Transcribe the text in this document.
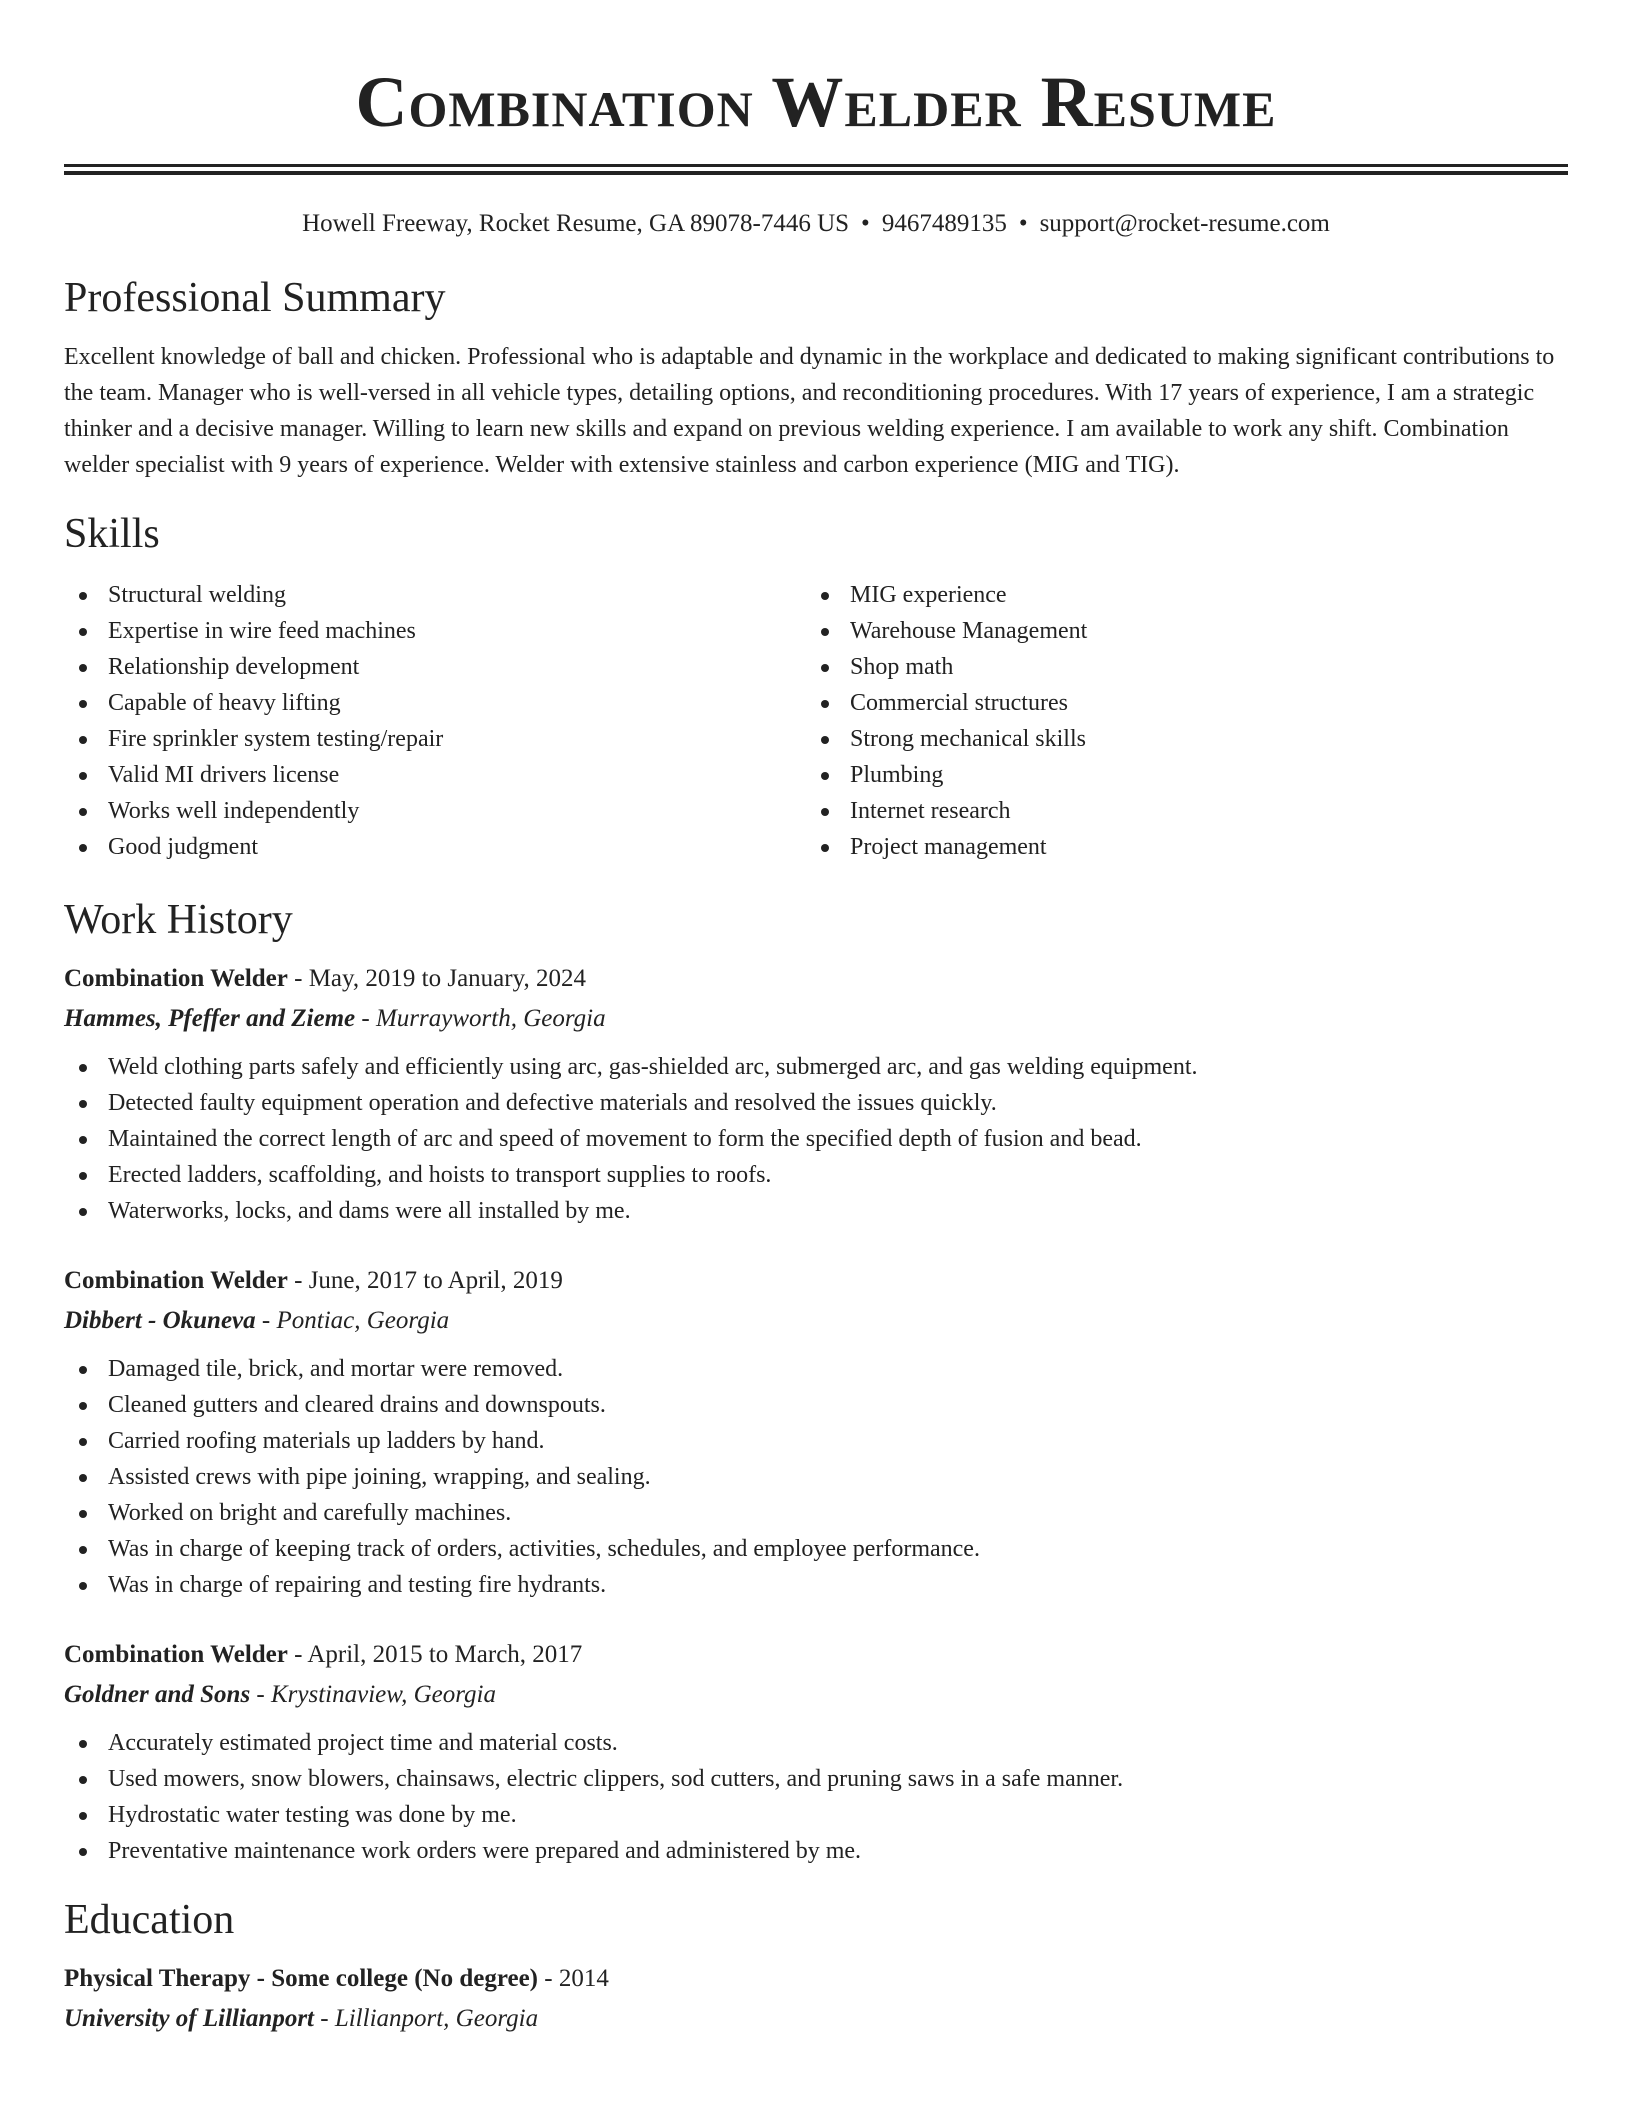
Combination Welder Resume
Howell Freeway, Rocket Resume, GA 89078-7446 US • 9467489135 • support@rocket-resume.com
Professional Summary

Excellent knowledge of ball and chicken. Professional who is adaptable and dynamic in the workplace and dedicated to making significant contributions to the team. Manager who is well-versed in all vehicle types, detailing options, and reconditioning procedures. With 17 years of experience, I am a strategic thinker and a decisive manager. Willing to learn new skills and expand on previous welding experience. I am available to work any shift. Combination welder specialist with 9 years of experience. Welder with extensive stainless and carbon experience (MIG and TIG).

Skills
Structural welding
Expertise in wire feed machines
Relationship development
Capable of heavy lifting
Fire sprinkler system testing/repair
Valid MI drivers license
Works well independently
Good judgment
MIG experience
Warehouse Management
Shop math
Commercial structures
Strong mechanical skills
Plumbing
Internet research
Project management
Work History
Combination Welder - May, 2019 to January, 2024
Hammes, Pfeffer and Zieme - Murrayworth, Georgia
Weld clothing parts safely and efficiently using arc, gas-shielded arc, submerged arc, and gas welding equipment.
Detected faulty equipment operation and defective materials and resolved the issues quickly.
Maintained the correct length of arc and speed of movement to form the specified depth of fusion and bead.
Erected ladders, scaffolding, and hoists to transport supplies to roofs.
Waterworks, locks, and dams were all installed by me.
Combination Welder - June, 2017 to April, 2019
Dibbert - Okuneva - Pontiac, Georgia
Damaged tile, brick, and mortar were removed.
Cleaned gutters and cleared drains and downspouts.
Carried roofing materials up ladders by hand.
Assisted crews with pipe joining, wrapping, and sealing.
Worked on bright and carefully machines.
Was in charge of keeping track of orders, activities, schedules, and employee performance.
Was in charge of repairing and testing fire hydrants.
Combination Welder - April, 2015 to March, 2017
Goldner and Sons - Krystinaview, Georgia
Accurately estimated project time and material costs.
Used mowers, snow blowers, chainsaws, electric clippers, sod cutters, and pruning saws in a safe manner.
Hydrostatic water testing was done by me.
Preventative maintenance work orders were prepared and administered by me.
Education
Physical Therapy - Some college (No degree) - 2014
University of Lillianport - Lillianport, Georgia
